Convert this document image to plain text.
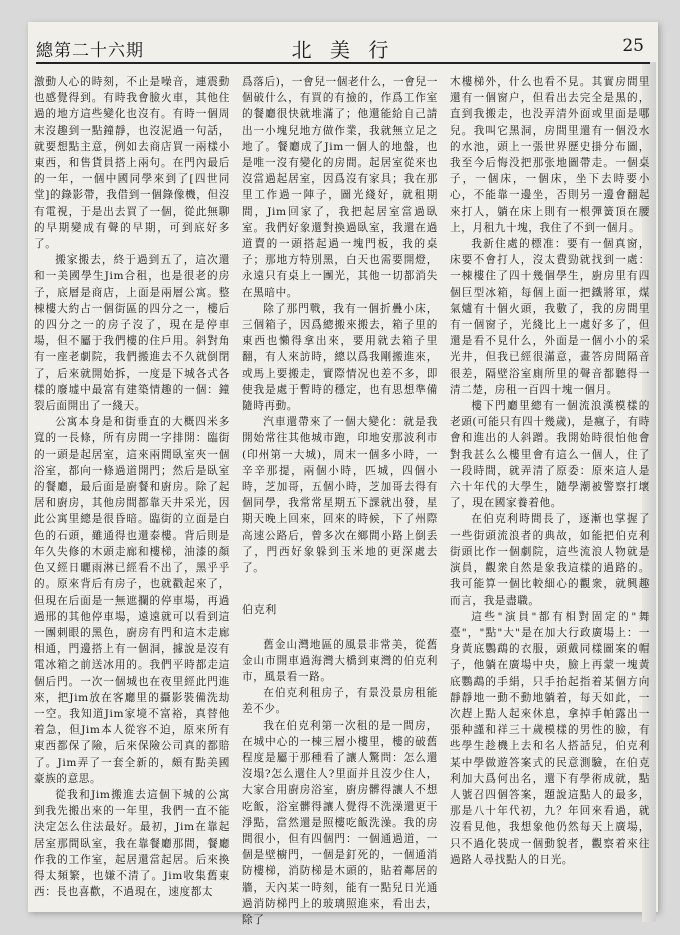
總第二十六期	北 美 行	25

激動人心的時刻，不止是噪音，連震動也感覺得到。有時我會臉火車，其他住過的地方這些變化也沒有。有時一個周末沒趣到一點鐘靜，也沒泥過一句話，就要想點主意，例如去商店買一兩樣小東西，和售貨員搭上兩句。在門內最后的一年，一個中國同學來到了[四世同堂]的錄影帶，我借到一個錄像機，但沒有電視，于是出去買了一個，從此無聊的早期變成有聲的早期，可到底好多了。

搬家搬去，終于過到五了，這次還和一美國學生Jim合租，也是很老的房子，底層是商店，上面是兩層公寓。整棟樓大約占一個街區的四分之一，樓后的四分之一的房子沒了，現在是停車場，但不屬于我們樓的住戶用。斜對角有一座老劇院，我們搬進去不久就倒閉了，后來就開始拆，一度是下城各式各樣的廢墟中最富有建築情趣的一個：鐘裂后面開出了一綫天。

公寓本身是和街垂直的大概四米多寬的一長條，所有房間一字排開：臨街的一頭是起居室，這來兩間臥室夾一個浴室，都向一條過道開門；然后是臥室的餐廳，最后面是廚餐和廚房。除了起居和廚房，其他房間都靠天井采光，因此公寓里總是很昏暗。臨街的立面是白色的石頭，雖通得也還泰樓。背后則是年久失修的木頭走廊和樓梯，油漆的顏色又經日曬雨淋已經看不出了，黑乎乎的。原來背后有房子，也就戳起來了，但現在后面是一無遮攔的停車場，再過過邢的其他停車場，遠遠就可以看到這一團刺眼的黑色，廚房有門和這木走廊相通，門邊搭上有一個洞，據說是沒有電冰箱之前送冰用的。我們平時都走這個后門。一次一個城也在夜里經此門進來，把Jim放在客廳里的攝影裝備洗劫一空。我知道Jim家境不富裕，真替他着急，但Jim本人從容不迫，原來所有東西都保了險，后來保險公司真的都賠了。Jim弄了一套全新的，頗有點美國豪族的意思。

從我和Jim搬進去這個下城的公寓到我先搬出來的一年里，我們一直不能決定怎么住法最好。最初，Jim在靠起居室那間臥室，我在靠餐廳那間，餐廳作我的工作室，起居還當起居。后來換得太頻繁，也嫌不清了。Jim收集舊東西：長也喜歡，不過現在，速度都太

爲落后)，一會兒一個老什么，一會兒一個破什么，有買的有撿的，作爲工作室的餐廳很快就堆滿了；他還能給自己請出一小塊兒地方做作業，我就無立足之地了。餐廳成了Jim一個人的地盤，也是唯一沒有變化的房間。起居室從來也沒當過起居室，因爲沒有家具；我在那里工作過一陣子，圖光綫好，就租期間，Jim回家了，我把起居室當過臥室。我們好象還對換過臥室，我還在過道賣的一頭搭起過一塊門板，我的桌子；那地方特別黑，白天也需要開燈，永遠只有桌上一團光，其他一切都消失在黑暗中。

除了那門戰，我有一個折疊小床，三個箱子，因爲總搬來搬去，箱子里的東西也懶得拿出來，要用就去箱子里翻，有人來訪時，總以爲我剛搬進來，或馬上要搬走，實際情况也差不多，即使我是處于暫時的穩定，也有思想準備隨時再動。

汽車還帶來了一個大變化：就是我開始常往其他城市跑，印地安那波利市(印州第一大城)，周末一個多小時，一辛辛那提，兩個小時，匹城，四個小時，芝加哥，五個小時，芝加哥去得有個同學，我常常星期五下課就出發，星期天晚上回來，回來的時候，下了州際高速公路后，曾多次在鄉間小路上倒丢了，門西好象躲到玉米地的更深處去了。

伯克利

舊金山灣地區的風景非常美，從舊金山市開車過海灣大橋到東灣的伯克利市，風景看一路。

在伯克利租房子，有景没景房租能差不少。

我在伯克利第一次租的是一間房，在城中心的一棟三層小樓里，樓的破舊程度是屬于那種看了讓人驚問：怎么還沒塌?怎么還住人?里面并且沒少住人，大家合用廚房浴室，廚房髒得讓人不想吃飯，浴室髒得讓人覺得不洗澡還更干淨點，當然還是照樓吃飯洗澡。我的房間很小，但有四個門：一個通過道，一個是壁櫥門，一個是釘死的，一個通消防樓梯，消防梯是木頭的，貼着鄰居的牆，天內某一時刻，能有一點兒日光通過消防梯門上的玻璃照進來，看出去，除了

木樓梯外，什么也看不見。其實房間里還有一個窗户，但看出去完全是黑的，直到我搬走，也没弄清外面或里面是哪兒。我叫它黑洞，房間里還有一個没水的水池，頭上一張世界歷史掛分布圖，我至今后悔没把那张地圖帶走。一個桌子，一個床，一個床，坐下去時要小心，不能靠一邊坐，否則另一邊會翻起來打人，躺在床上則有一根彈簧頂在腰上，月租九十塊，我住了不到一個月。

我新住處的標准：要有一個真窗，床要不會打人，沒太費勁就找到一處：一棟樓住了四十幾個學生，廚房里有四個巨型冰箱，每個上面一把鐵將軍，煤氣爐有十個火頭，我數了，我的房間里有一個窗子，光綫比上一處好多了，但還是看不見什么，外面是一個小小的采光井，但我已經很滿意，畫答房間隔音很差，隔壁浴室廁所里的聲音都聽得一清二楚，房租一百四十塊一個月。

樓下門廳里總有一個流浪漢模樣的老頭(可能只有四十幾歲)，是瘋子，有時會和進出的人斜蹭。我開始時很怕他會對我甚么么樓里會有這么一個人，住了一段時間，就弄清了原委：原來這人是六十年代的大學生，隨學潮被警察打壞了，現在國家養着他。

在伯克利時間長了，逐漸也掌握了一些街頭流浪者的典故，如能把伯克利街頭比作一個劇院，這些流浪人物就是演員，觀衆自然是象我這樣的過路的。我可能算一個比較細心的觀衆，就興趣而言，我是盡職。

這些"演員"都有相對固定的"舞臺"，"點"大"是在加大行政廣場上：一身黃底鸚鵡的衣服，頭戴同樣圖案的帽子，他躺在廣場中央，臉上再蒙一塊黃底鸚鵡的手絹，只手抬起指着某個方向靜靜地一動不動地躺着，每天如此，一次趕上點人起來休息，拿掉手帕露出一張种謹和祥三十歲模樣的男性的臉，有些學生趁機上去和名人搭話兒，伯克利某中學做遊答案式的民意測驗，在伯克利加大爲何出名，還下有學術成就，點人號召四個答案，題說這點人的最多，那是八十年代初，九？年回來看過，就沒看見他，我想象他仍然每天上廣場，只不過化裝成一個動貌者，觀察着來往過路人尋找點人的日光。
